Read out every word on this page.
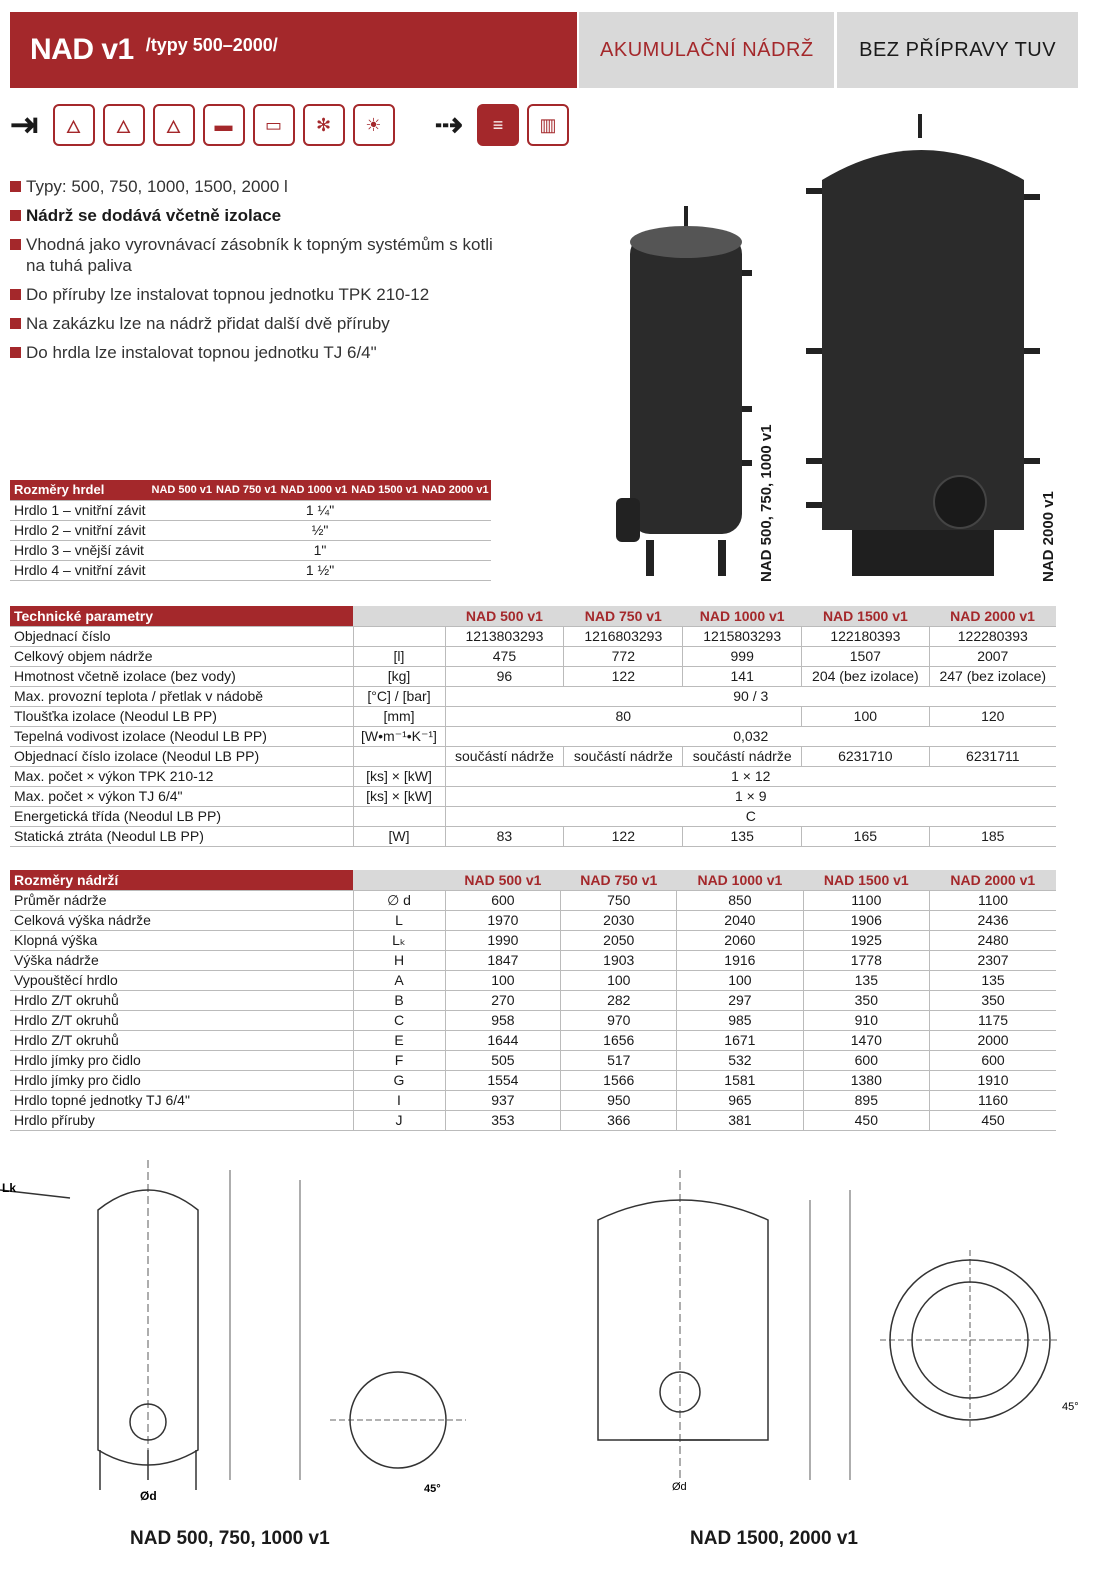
NAD v1 /typy 500–2000/	AKUMULAČNÍ NÁDRŽ	BEZ PŘÍPRAVY TUV
⇥	🜂	🜂	🜂	▬	▭	✻	☀	⇢	≡	▥
Typy: 500, 750, 1000, 1500, 2000 l
Nádrž se dodává včetně izolace
Vhodná jako vyrovnávací zásobník k topným systémům s kotli na tuhá paliva
Do příruby lze instalovat topnou jednotku TPK 210-12
Na zakázku lze na nádrž přidat další dvě příruby
Do hrdla lze instalovat topnou jednotku TJ 6/4"
NAD 500, 750, 1000 v1	NAD 2000 v1
Rozměry hrdel	NAD 500 v1	NAD 750 v1	NAD 1000 v1	NAD 1500 v1	NAD 2000 v1
Hrdlo 1 – vnitřní závit	1 ¼"				
Hrdlo 2 – vnitřní závit	½"				
Hrdlo 3 – vnější závit	1"				
Hrdlo 4 – vnitřní závit	1 ½"				
Technické parametry		NAD 500 v1	NAD 750 v1	NAD 1000 v1	NAD 1500 v1	NAD 2000 v1
Objednací číslo		1213803293	1216803293	1215803293	122180393	122280393
Celkový objem nádrže	[l]	475	772	999	1507	2007
Hmotnost včetně izolace (bez vody)	[kg]	96	122	141	204 (bez izolace)	247 (bez izolace)
Max. provozní teplota / přetlak v nádobě	[°C] / [bar]	90 / 3				
Tloušťka izolace (Neodul LB PP)	[mm]	80			100	120
Tepelná vodivost izolace (Neodul LB PP)	[W•m⁻¹•K⁻¹]	0,032				
Objednací číslo izolace (Neodul LB PP)		součástí nádrže	součástí nádrže	součástí nádrže	6231710	6231711
Max. počet × výkon TPK 210-12	[ks] × [kW]	1 × 12				
Max. počet × výkon TJ 6/4"	[ks] × [kW]	1 × 9				
Energetická třída (Neodul LB PP)		C				
Statická ztráta (Neodul LB PP)	[W]	83	122	135	165	185
Rozměry nádrží		NAD 500 v1	NAD 750 v1	NAD 1000 v1	NAD 1500 v1	NAD 2000 v1
Průměr nádrže	∅ d	600	750	850	1100	1100
Celková výška nádrže	L	1970	2030	2040	1906	2436
Klopná výška	Lₖ	1990	2050	2060	1925	2480
Výška nádrže	H	1847	1903	1916	1778	2307
Vypouštěcí hrdlo	A	100	100	100	135	135
Hrdlo Z/T okruhů	B	270	282	297	350	350
Hrdlo Z/T okruhů	C	958	970	985	910	1175
Hrdlo Z/T okruhů	E	1644	1656	1671	1470	2000
Hrdlo jímky pro čidlo	F	505	517	532	600	600
Hrdlo jímky pro čidlo	G	1554	1566	1581	1380	1910
Hrdlo topné jednotky TJ 6/4"	I	937	950	965	895	1160
Hrdlo příruby	J	353	366	381	450	450
Lk
Ød	45°	Ød
45°
NAD 500, 750, 1000 v1	NAD 1500, 2000 v1
